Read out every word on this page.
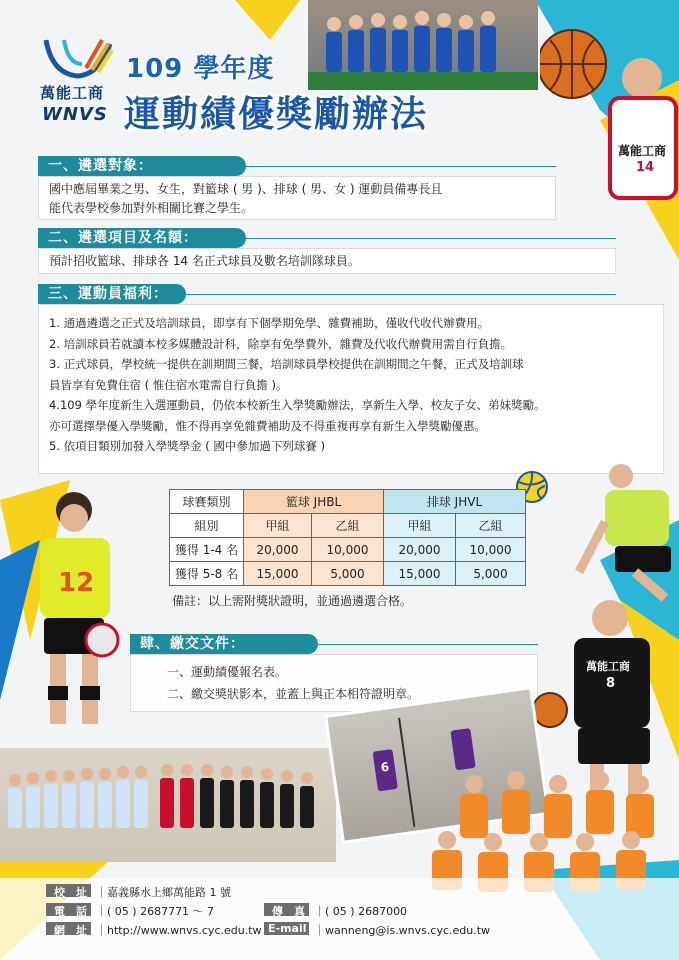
萬能工商
14
萬能工商
WNVS
109 學年度
運動績優獎勵辦法
一、遴選對象：

國中應屆畢業之男、女生，對籃球 ( 男 )、排球 ( 男、女 ) 運動員備專長且

能代表學校參加對外相關比賽之學生。

二、遴選項目及名額：

預計招收籃球、排球各 14 名正式球員及數名培訓隊球員。

三、運動員福利：

1. 通過遴選之正式及培訓球員，即享有下個學期免學、雜費補助，僅收代收代辦費用。

2. 培訓球員若就讀本校多媒體設計科，除享有免學費外，雜費及代收代辦費用需自行負擔。

3. 正式球員，學校統一提供在訓期間三餐，培訓球員學校提供在訓期間之午餐，正式及培訓球

員皆享有免費住宿 ( 惟住宿水電需自行負擔 )。

4.109 學年度新生入選運動員，仍依本校新生入學獎勵辦法，享新生入學、校友子女、弟妹獎勵。

亦可選擇學優入學獎勵，惟不得再享免雜費補助及不得重複再享有新生入學獎勵優惠。

5. 依項目類別加發入學獎學金 ( 國中參加過下列球賽 )

球賽類別	籃球 JHBL		排球 JHVL	
組別	甲組	乙組	甲組	乙組
獲得 1-4 名	20,000	10,000	20,000	10,000
獲得 5-8 名	15,000	5,000	15,000	5,000
備註：以上需附獎狀證明，並通過遴選合格。
12
肆、繳交文件：

一、運動績優報名表。

二、繳交獎狀影本，並蓋上與正本相符證明章。

萬能工商
8
6
校　址 ｜嘉義縣水上鄉萬能路 1 號
電　話 ｜( 05 ) 2687771 ～ 7	傳　真 ｜( 05 ) 2687000
網　址 ｜http://www.wnvs.cyc.edu.tw E-mail ｜wanneng@is.wnvs.cyc.edu.tw
